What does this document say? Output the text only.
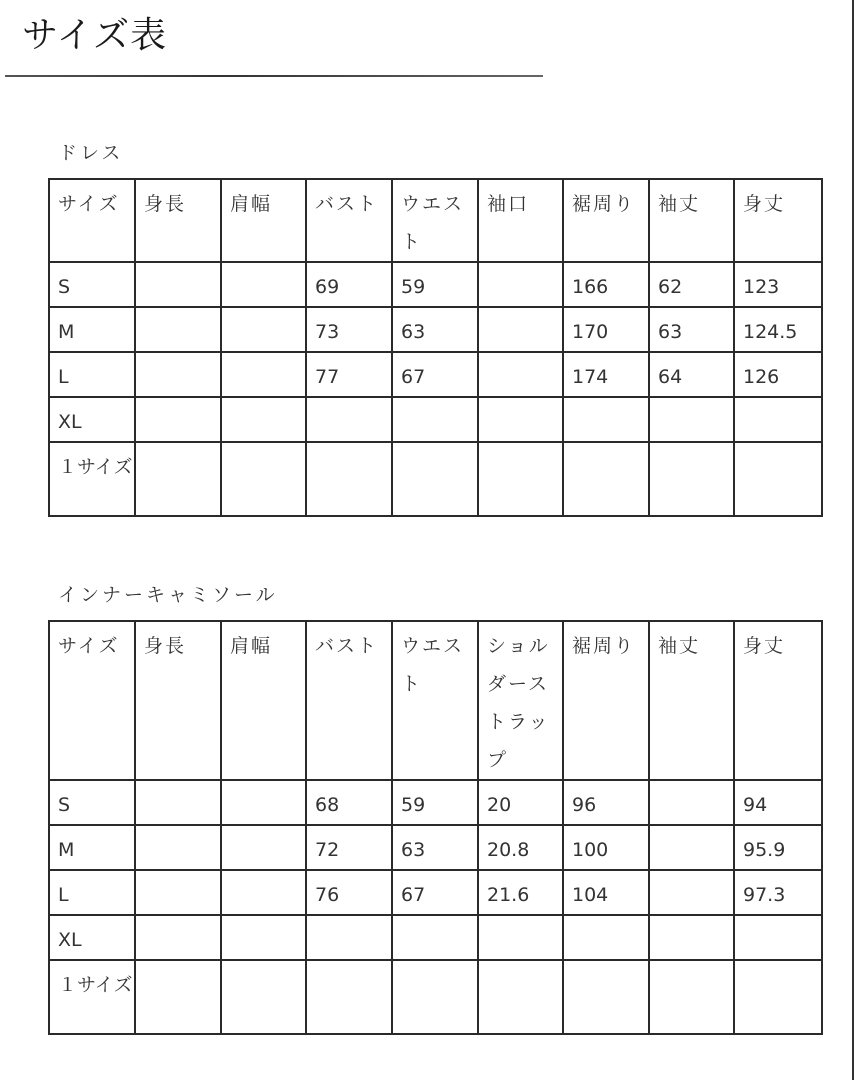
サイズ表
ドレス
サイズ	身長	肩幅	バスト	ウエスト	袖口	裾周り	袖丈	身丈
S			69	59		166	62	123
M			73	63		170	63	124.5
L			77	67		174	64	126
XL								
１サイズ								
インナーキャミソール
サイズ	身長	肩幅	バスト	ウエスト	ショルダーストラップ	裾周り	袖丈	身丈
S			68	59	20	96		94
M			72	63	20.8	100		95.9
L			76	67	21.6	104		97.3
XL								
１サイズ								
